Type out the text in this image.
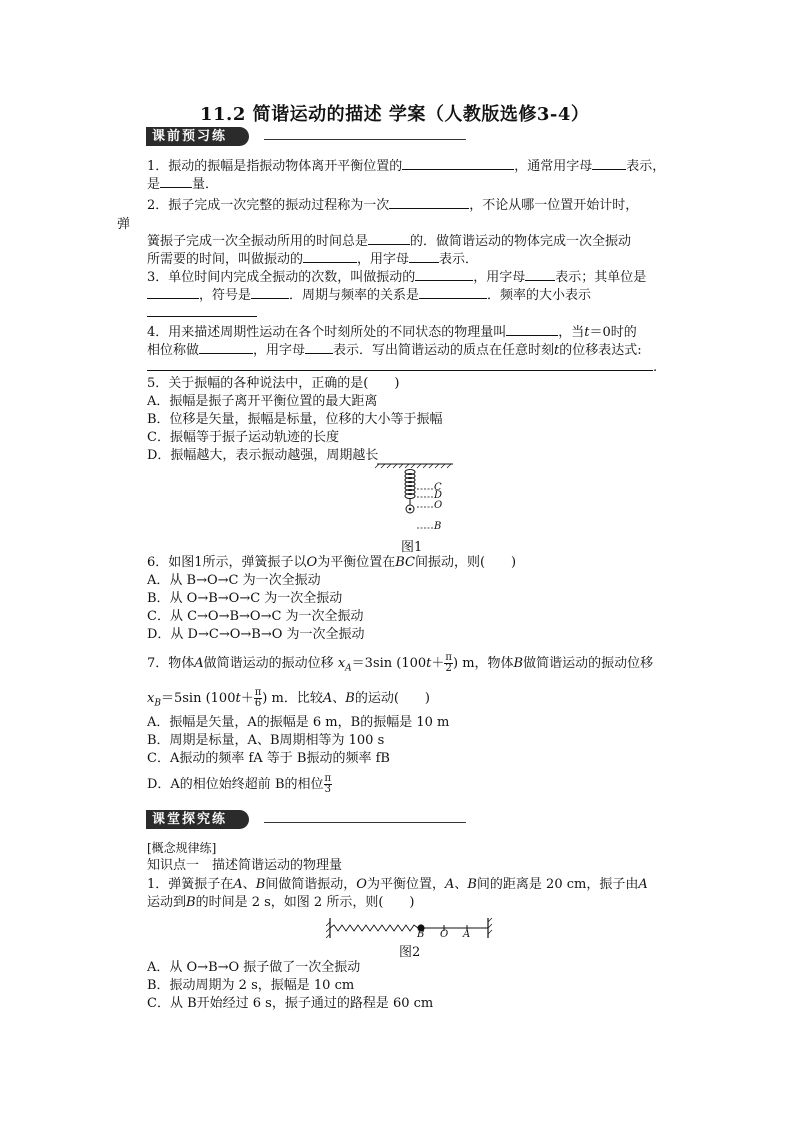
11.2 简谐运动的描述 学案（人教版选修3-4）
课前预习练
1．振动的振幅是指振动物体离开平衡位置的	，通常用字母	表示，
是 量．
2．振子完成一次完整的振动过程称为一次	，不论从哪一位置开始计时，
弹
簧振子完成一次全振动所用的时间总是	的．做简谐运动的物体完成一次全振动
所需要的时间，叫做振动的	，用字母 表示．
3．单位时间内完成全振动的次数，叫做振动的	，用字母 表示；其单位是
，符号是	．周期与频率的关系是	．频率的大小表示
4．用来描述周期性运动在各个时刻所处的不同状态的物理量叫	，当t＝0时的
相位称做	，用字母 表示．写出简谐运动的质点在任意时刻t的位移表达式:
.
5．关于振幅的各种说法中，正确的是(　　)
A．振幅是振子离开平衡位置的最大距离
B．位移是矢量，振幅是标量，位移的大小等于振幅
C．振幅等于振子运动轨迹的长度
D．振幅越大，表示振动越强，周期越长
C
D
O
B
图1
6．如图1所示，弹簧振子以O为平衡位置在BC间振动，则(　　)
A．从 B→O→C 为一次全振动
B．从 O→B→O→C 为一次全振动
C．从 C→O→B→O→C 为一次全振动
D．从 D→C→O→B→O 为一次全振动
7．物体A做简谐运动的振动位移 $x_A=3\sin$ ($100t+ \frac{\pi}{2}$ ) m，物体B做简谐运动的振动位移
$x_B=5\sin$ ($100t+ \frac{\pi}{6}$ ) m．比较A、B的运动(　　)
A．振幅是矢量，A的振幅是 6 m，B的振幅是 10 m
B．周期是标量，A、B周期相等为 100 s
C．A振动的频率 fA 等于 B振动的频率 fB
D．A的相位始终超前 B的相位 $\frac{\pi}{3}$
课堂探究练
[概念规律练]
知识点一　描述简谐运动的物理量
1．弹簧振子在A、B间做简谐振动，O为平衡位置，A、B间的距离是 20 cm，振子由A
运动到B的时间是 2 s，如图 2 所示，则(　　)
B O A
图2
A．从 O→B→O 振子做了一次全振动
B．振动周期为 2 s，振幅是 10 cm
C．从 B开始经过 6 s，振子通过的路程是 60 cm
